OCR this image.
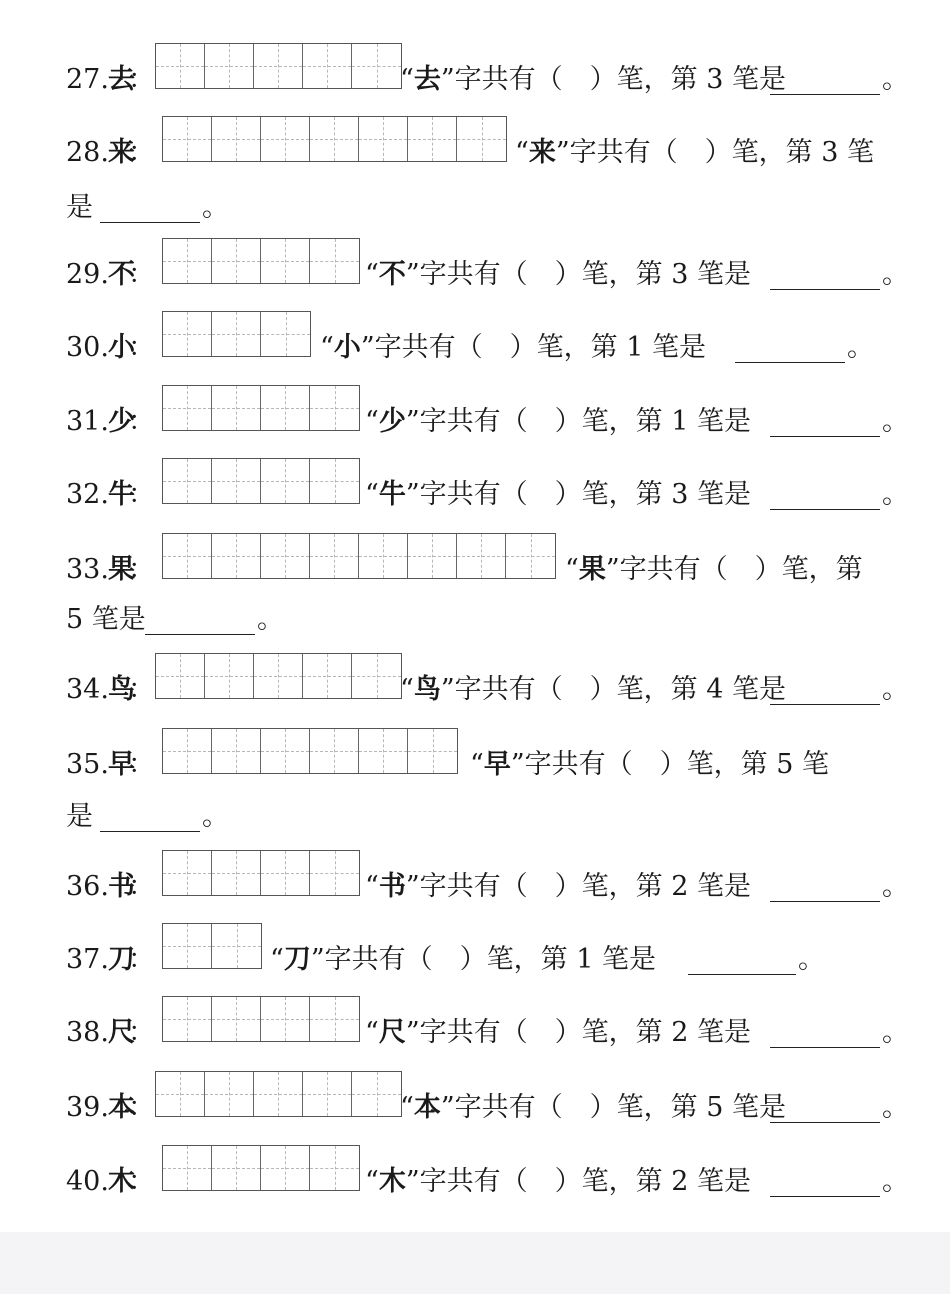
27. 去
：	“去”字共有（　）笔，第 3 笔是	。
28. 来
：	“来”字共有（　）笔，第 3 笔
是	。
29. 不
：	“不”字共有（　）笔，第 3 笔是	。
30. 小
：	“小”字共有（　）笔，第 1 笔是	。
31. 少
：	“少”字共有（　）笔，第 1 笔是	。
32. 牛
：	“牛”字共有（　）笔，第 3 笔是	。
33. 果
：	“果”字共有（　）笔，第
5 笔是	。
34. 鸟
：	“鸟”字共有（　）笔，第 4 笔是	。
35. 早
：	“早”字共有（　）笔，第 5 笔
是	。
36. 书
：	“书”字共有（　）笔，第 2 笔是	。
37. 刀
：	“刀”字共有（　）笔，第 1 笔是	。
38. 尺
：	“尺”字共有（　）笔，第 2 笔是	。
39. 本
：	“本”字共有（　）笔，第 5 笔是	。
40. 木
：	“木”字共有（　）笔，第 2 笔是	。
